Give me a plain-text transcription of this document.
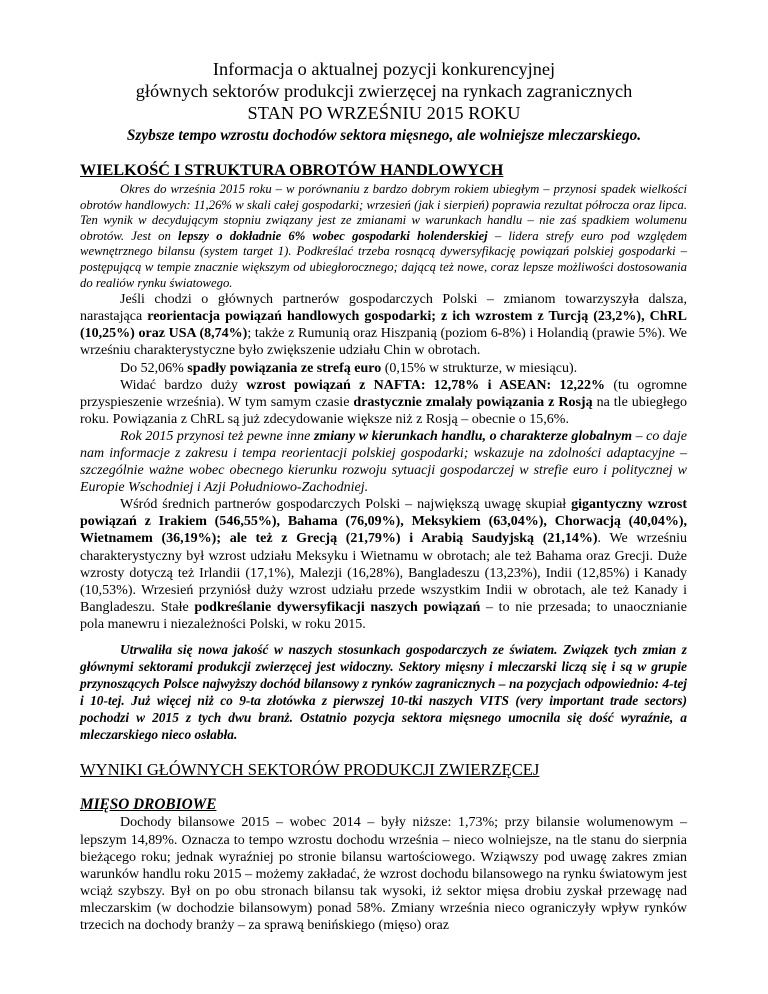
Informacja o aktualnej pozycji konkurencyjnej

głównych sektorów produkcji zwierzęcej na rynkach zagranicznych

STAN PO WRZEŚNIU 2015 ROKU

Szybsze tempo wzrostu dochodów sektora mięsnego, ale wolniejsze mleczarskiego.

WIELKOŚĆ I STRUKTURA OBROTÓW HANDLOWYCH

Okres do września 2015 roku – w porównaniu z bardzo dobrym rokiem ubiegłym – przynosi spadek wielkości obrotów handlowych: 11,26% w skali całej gospodarki; wrzesień (jak i sierpień) poprawia rezultat półrocza oraz lipca. Ten wynik w decydującym stopniu związany jest ze zmianami w warunkach handlu – nie zaś spadkiem wolumenu obrotów. Jest on lepszy o dokładnie 6% wobec gospodarki holenderskiej – lidera strefy euro pod względem wewnętrznego bilansu (system target 1). Podkreślać trzeba rosnącą dywersyfikację powiązań polskiej gospodarki – postępującą w tempie znacznie większym od ubiegłorocznego; dającą też nowe, coraz lepsze możliwości dostosowania do realiów rynku światowego.

Jeśli chodzi o głównych partnerów gospodarczych Polski – zmianom towarzyszyła dalsza, narastająca reorientacja powiązań handlowych gospodarki; z ich wzrostem z Turcją (23,2%), ChRL (10,25%) oraz USA (8,74%); także z Rumunią oraz Hiszpanią (poziom 6-8%) i Holandią (prawie 5%). We wrześniu charakterystyczne było zwiększenie udziału Chin w obrotach.

Do 52,06% spadły powiązania ze strefą euro (0,15% w strukturze, w miesiącu).

Widać bardzo duży wzrost powiązań z NAFTA: 12,78% i ASEAN: 12,22% (tu ogromne przyspieszenie września). W tym samym czasie drastycznie zmalały powiązania z Rosją na tle ubiegłego roku. Powiązania z ChRL są już zdecydowanie większe niż z Rosją – obecnie o 15,6%.

Rok 2015 przynosi też pewne inne zmiany w kierunkach handlu, o charakterze globalnym – co daje nam informacje z zakresu i tempa reorientacji polskiej gospodarki; wskazuje na zdolności adaptacyjne – szczególnie ważne wobec obecnego kierunku rozwoju sytuacji gospodarczej w strefie euro i politycznej w Europie Wschodniej i Azji Południowo-Zachodniej.

Wśród średnich partnerów gospodarczych Polski – największą uwagę skupiał gigantyczny wzrost powiązań z Irakiem (546,55%), Bahama (76,09%), Meksykiem (63,04%), Chorwacją (40,04%), Wietnamem (36,19%); ale też z Grecją (21,79%) i Arabią Saudyjską (21,14%). We wrześniu charakterystyczny był wzrost udziału Meksyku i Wietnamu w obrotach; ale też Bahama oraz Grecji. Duże wzrosty dotyczą też Irlandii (17,1%), Malezji (16,28%), Bangladeszu (13,23%), Indii (12,85%) i Kanady (10,53%). Wrzesień przyniósł duży wzrost udziału przede wszystkim Indii w obrotach, ale też Kanady i Bangladeszu. Stałe podkreślanie dywersyfikacji naszych powiązań – to nie przesada; to unaocznianie pola manewru i niezależności Polski, w roku 2015.

Utrwaliła się nowa jakość w naszych stosunkach gospodarczych ze światem. Związek tych zmian z głównymi sektorami produkcji zwierzęcej jest widoczny. Sektory mięsny i mleczarski liczą się i są w grupie przynoszących Polsce najwyższy dochód bilansowy z rynków zagranicznych – na pozycjach odpowiednio: 4-tej i 10-tej. Już więcej niż co 9-ta złotówka z pierwszej 10-tki naszych VITS (very important trade sectors) pochodzi w 2015 z tych dwu branż. Ostatnio pozycja sektora mięsnego umocnila się dość wyraźnie, a mleczarskiego nieco osłabła.

WYNIKI GŁÓWNYCH SEKTORÓW PRODUKCJI ZWIERZĘCEJ
MIĘSO DROBIOWE

Dochody bilansowe 2015 – wobec 2014 – były niższe: 1,73%; przy bilansie wolumenowym – lepszym 14,89%. Oznacza to tempo wzrostu dochodu września – nieco wolniejsze, na tle stanu do sierpnia bieżącego roku; jednak wyraźniej po stronie bilansu wartościowego. Wziąwszy pod uwagę zakres zmian warunków handlu roku 2015 – możemy zakładać, że wzrost dochodu bilansowego na rynku światowym jest wciąż szybszy. Był on po obu stronach bilansu tak wysoki, iż sektor mięsa drobiu zyskał przewagę nad mleczarskim (w dochodzie bilansowym) ponad 58%. Zmiany września nieco ograniczyły wpływ rynków trzecich na dochody branży – za sprawą benińskiego (mięso) oraz
